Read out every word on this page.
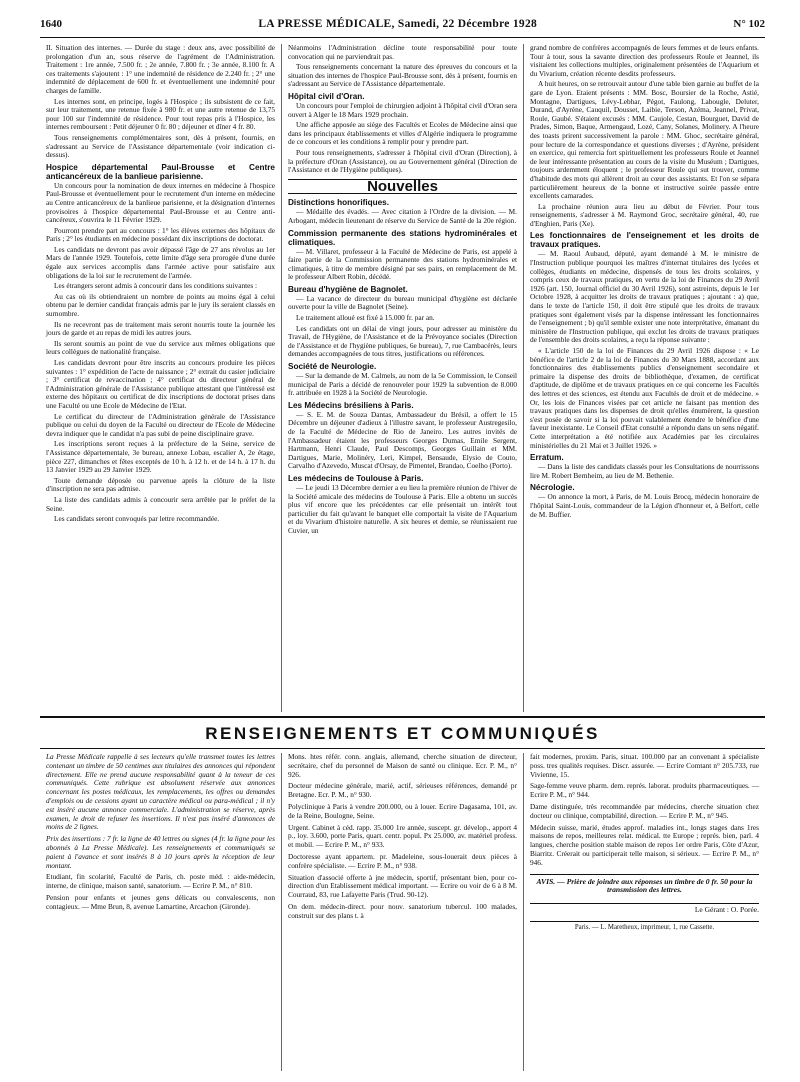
1640	LA PRESSE MÉDICALE, Samedi, 22 Décembre 1928	N° 102

II. Situation des internes. — Durée du stage : deux ans, avec possibilité de prolongation d'un an, sous réserve de l'agrément de l'Administration. Traitement : 1re année, 7.500 fr. ; 2e année, 7.800 fr. ; 3e année, 8.100 fr. A ces traitements s'ajoutent : 1° une indemnité de résidence de 2.240 fr. ; 2° une indemnité de déplacement de 600 fr. et éventuellement une indemnité pour charges de famille.

Les internes sont, en principe, logés à l'Hospice ; ils subsistent de ce fait, sur leur traitement, une retenue fixée à 980 fr. et une autre retenue de 13,75 pour 100 sur l'indemnité de résidence. Pour tout repas pris à l'Hospice, les internes remboursent : Petit déjeuner 0 fr. 80 ; déjeuner et dîner 4 fr. 80.

Tous renseignements complémentaires sont, dès à présent, fournis, en s'adressant au Service de l'Assistance départementale (voir indication ci-dessus).

Hospice départemental Paul-Brousse et Centre anticancéreux de la banlieue parisienne.

Un concours pour la nomination de deux internes en médecine à l'hospice Paul-Brousse et éventuellement pour le recrutement d'un interne en médecine au Centre anticancéreux de la banlieue parisienne, et la désignation d'internes provisoires à l'hospice départemental Paul-Brousse et au Centre anti-cancéreux, s'ouvrira le 11 Février 1929.

Pourront prendre part au concours : 1° les élèves externes des hôpitaux de Paris ; 2° les étudiants en médecine possédant dix inscriptions de doctorat.

Les candidats ne devront pas avoir dépassé l'âge de 27 ans révolus au 1er Mars de l'année 1929. Toutefois, cette limite d'âge sera prorogée d'une durée égale aux services accomplis dans l'armée active pour satisfaire aux obligations de la loi sur le recrutement de l'armée.

Les étrangers seront admis à concourir dans les conditions suivantes :

Au cas où ils obtiendraient un nombre de points au moins égal à celui obtenu par le dernier candidat français admis par le jury ils seraient classés en surnombre.

Ils ne recevront pas de traitement mais seront nourris toute la journée les jours de garde et au repas de midi les autres jours.

Ils seront soumis au point de vue du service aux mêmes obligations que leurs collègues de nationalité française.

Les candidats devront pour être inscrits au concours produire les pièces suivantes : 1° expédition de l'acte de naissance ; 2° extrait du casier judiciaire ; 3° certificat de revaccination ; 4° certificat du directeur général de l'Administration générale de l'Assistance publique attestant que l'intéressé est externe des hôpitaux ou certificat de dix inscriptions de doctorat prises dans une Faculté ou une Ecole de Médecine de l'Etat.

Le certificat du directeur de l'Administration générale de l'Assistance publique ou celui du doyen de la Faculté ou directeur de l'Ecole de Médecine devra indiquer que le candidat n'a pas subi de peine disciplinaire grave.

Les inscriptions seront reçues à la préfecture de la Seine, service de l'Assistance départementale, 3e bureau, annexe Lobau, escalier A, 2e étage, pièce 227, dimanches et fêtes exceptés de 10 h. à 12 h. et de 14 h. à 17 h. du 13 Janvier 1929 au 29 Janvier 1929.

Toute demande déposée ou parvenue après la clôture de la liste d'inscription ne sera pas admise.

La liste des candidats admis à concourir sera arrêtée par le préfet de la Seine.

Les candidats seront convoqués par lettre recommandée.

Néanmoins l'Administration décline toute responsabilité pour toute convocation qui ne parviendrait pas.

Tous renseignements concernant la nature des épreuves du concours et la situation des internes de l'hospice Paul-Brousse sont, dès à présent, fournis en s'adressant au Service de l'Assistance départementale.

Hôpital civil d'Oran.

Un concours pour l'emploi de chirurgien adjoint à l'hôpital civil d'Oran sera ouvert à Alger le 18 Mars 1929 prochain.

Une affiche apposée au siège des Facultés et Ecoles de Médecine ainsi que dans les principaux établissements et villes d'Algérie indiquera le programme de ce concours et les conditions à remplir pour y prendre part.

Pour tous renseignements, s'adresser à l'hôpital civil d'Oran (Direction), à la préfecture d'Oran (Assistance), ou au Gouvernement général (Direction de l'Assistance et de l'Hygiène publiques).

Nouvelles
Distinctions honorifiques.

— Médaille des évadés. — Avec citation à l'Ordre de la division. — M. Arbogant, médecin lieutenant de réserve du Service de Santé de la 20e région.

Commission permanente des stations hydrominérales et climatiques.

— M. Villaret, professeur à la Faculté de Médecine de Paris, est appelé à faire partie de la Commission permanente des stations hydrominérales et climatiques, à titre de membre désigné par ses pairs, en remplacement de M. le professeur Albert Robin, décédé.

Bureau d'hygiène de Bagnolet.

— La vacance de directeur du bureau municipal d'hygiène est déclarée ouverte pour la ville de Bagnolet (Seine).

Le traitement alloué est fixé à 15.000 fr. par an.

Les candidats ont un délai de vingt jours, pour adresser au ministère du Travail, de l'Hygiène, de l'Assistance et de la Prévoyance sociales (Direction de l'Assistance et de l'hygiène publiques, 6e bureau), 7, rue Cambacérès, leurs demandes accompagnées de tous titres, justifications ou références.

Société de Neurologie.

— Sur la demande de M. Calmels, au nom de la 5e Commission, le Conseil municipal de Paris a décidé de renouveler pour 1929 la subvention de 8.000 fr. attribuée en 1928 à la Société de Neurologie.

Les Médecins brésiliens à Paris.

— S. E. M. de Souza Dantas, Ambassadeur du Brésil, a offert le 15 Décembre un déjeuner d'adieux à l'illustre savant, le professeur Austregesilo, de la Faculté de Médecine de Rio de Janeiro. Les autres invités de l'Ambassadeur étaient les professeurs Georges Dumas, Emile Sergent, Hartmann, Henri Claude, Paul Descomps, Georges Guillain et MM. Dartigues, Marie, Molinéry, Leri, Kimpel, Bensaude, Elysio de Couto, Carvalho d'Azevedo, Muscat d'Orsay, de Pimentel, Brandao, Coelho (Porto).

Les médecins de Toulouse à Paris.

— Le jeudi 13 Décembre dernier a eu lieu la première réunion de l'hiver de la Société amicale des médecins de Toulouse à Paris. Elle a obtenu un succès plus vif encore que les précédentes car elle présentait un intérêt tout particulier du fait qu'avant le banquet elle comportait la visite de l'Aquarium et du Vivarium d'histoire naturelle. A six heures et demie, se réunissaient rue Cuvier, un

grand nombre de confrères accompagnés de leurs femmes et de leurs enfants. Tour à tour, sous la savante direction des professeurs Roule et Jeannel, ils visitaient les collections multiples, originalement présentées de l'Aquarium et du Vivarium, création récente desdits professeurs.

A huit heures, on se retrouvait autour d'une table bien garnie au buffet de la gare de Lyon. Etaient présents : MM. Bosc, Boursier de la Roche, Astié, Montagne, Dartigues, Lévy-Lebhar, Pégot, Faulong, Labougle, Deluter, Durand, d'Ayrène, Cauquil, Dousset, Laibie, Terson, Azéma, Jeannel, Privat, Roule, Gaubé. S'étaient excusés : MM. Caujole, Cestan, Bourguet, David de Prades, Simon, Baque, Armengaud, Lozé, Cany, Solanes, Molinery. A l'heure des toasts prirent successivement la parole : MM. Ghoc, secrétaire général, pour lecture de la correspondance et questions diverses ; d'Ayrène, président en exercice, qui remercia fort spirituellement les professeurs Roule et Jeannel de leur intéressante présentation au cours de la visite du Muséum ; Dartigues, toujours ardemment éloquent ; le professeur Roule qui sut trouver, comme d'habitude des mots qui allèrent droit au cœur des assistants. Et l'on se sépara particulièrement heureux de la bonne et instructive soirée passée entre excellents camarades.

La prochaine réunion aura lieu au début de Février. Pour tous renseignements, s'adresser à M. Raymond Groc, secrétaire général, 40, rue d'Enghien, Paris (Xe).

Les fonctionnaires de l'enseignement et les droits de travaux pratiques.

— M. Raoul Aubaud, député, ayant demandé à M. le ministre de l'Instruction publique pourquoi les maîtres d'internat titulaires des lycées et collèges, étudiants en médecine, dispensés de tous les droits scolaires, y compris ceux de travaux pratiques, en vertu de la loi de Finances du 29 Avril 1926 (art. 150, Journal officiel du 30 Avril 1926), sont astreints, depuis le 1er Octobre 1928, à acquitter les droits de travaux pratiques ; ajoutant : a) que, dans le texte de l'article 150, il doit être stipulé que les droits de travaux pratiques sont également visés par la dispense intéressant les fonctionnaires de l'enseignement ; b) qu'il semble exister une note interprétative, émanant du ministère de l'Instruction publique, qui exclut les droits de travaux pratiques de l'ensemble des droits scolaires, a reçu la réponse suivante :

« L'article 150 de la loi de Finances du 29 Avril 1926 dispose : « Le bénéfice de l'article 2 de la loi de Finances du 30 Mars 1888, accordant aux fonctionnaires des établissements publics d'enseignement secondaire et primaire la dispense des droits de bibliothèque, d'examen, de certificat d'aptitude, de diplôme et de travaux pratiques en ce qui concerne les Facultés des lettres et des sciences, est étendu aux Facultés de droit et de médecine. » Or, les lois de Finances visées par cet article ne faisant pas mention des travaux pratiques dans les dispenses de droit qu'elles énumèrent, la question s'est posée de savoir si la loi pouvait valablement étendre le bénéfice d'une faveur inexistante. Le Conseil d'Etat consulté a répondu dans un sens négatif. Cette interprétation a été notifiée aux Académies par les circulaires ministérielles du 21 Mai et 3 Juillet 1926. »

Erratum.

— Dans la liste des candidats classés pour les Consultations de nourrissons lire M. Robert Bernheim, au lieu de M. Bethenie.

Nécrologie.

— On annonce la mort, à Paris, de M. Louis Brocq, médecin honoraire de l'hôpital Saint-Louis, commandeur de la Légion d'honneur et, à Belfort, celle de M. Buffier.

RENSEIGNEMENTS ET COMMUNIQUÉS

La Presse Médicale rappelle à ses lecteurs qu'elle transmet toutes les lettres contenant un timbre de 50 centimes aux titulaires des annonces qui répondent directement. Elle ne prend aucune responsabilité quant à la teneur de ces communiqués. Cette rubrique est absolument réservée aux annonces concernant les postes médicaux, les remplacements, les offres ou demandes d'emplois ou de cessions ayant un caractère médical ou para-médical ; il n'y est inséré aucune annonce commerciale. L'administration se réserve, après examen, le droit de refuser les insertions. Il n'est pas inséré d'annonces de moins de 2 lignes.

Prix des insertions : 7 fr. la ligne de 40 lettres ou signes (4 fr. la ligne pour les abonnés à La Presse Médicale). Les renseignements et communiqués se paient à l'avance et sont insérés 8 à 10 jours après la réception de leur montant.

Etudiant, fin scolarité, Faculté de Paris, ch. poste méd. : aide-médecin, interne, de clinique, maison santé, sanatorium. — Ecrire P. M., n° 810.

Pension pour enfants et jeunes gens délicats ou convalescents, non contagieux. — Mme Brun, 8, avenue Lamartine, Arcachon (Gironde).

Mons. htes référ. conn. anglais, allemand, cherche situation de directeur, secrétaire, chef du personnel de Maison de santé ou clinique. Ecr. P. M., n° 926.

Docteur médecine générale, marié, actif, sérieuses références, demandé pr Bretagne. Ecr. P. M., n° 930.

Polyclinique à Paris à vendre 200.000, ou à louer. Ecrire Dagasama, 101, av. de la Reine, Boulogne, Seine.

Urgent. Cabinet à céd. rapp. 35.000 1re année, suscept. gr. dévelop., apport 4 p., loy. 3.600, porte Paris, quart. centr. popul. Px 25.000, av. matériel profess. et mobil. — Ecrire P. M., n° 933.

Doctoresse ayant appartem. pr. Madeleine, sous-louerait deux pièces à confrère spécialiste. — Ecrire P. M., n° 938.

Situation d'associé offerte à jne médecin, sportif, présentant bien, pour co-direction d'un Etablissement médical important. — Ecrire ou voir de 6 à 8 M. Courraud, 83, rue Lafayette Paris (Trud. 90-12).

On dem. médecin-direct. pour nouv. sanatorium tubercul. 100 malades, construit sur des plans t. à

fait modernes, proxim. Paris, situat. 100.000 par an convenant à spécialiste poss. tres qualités requises. Discr. assurée. — Ecrire Comtant n° 205.733, rue Vivienne, 15.

Sage-femme veuve pharm. dem. représ. laborat. produits pharmaceutiques. — Ecrire P. M., n° 944.

Dame distinguée, très recommandée par médecins, cherche situation chez docteur ou clinique, comptabilité, direction. — Ecrire P. M., n° 945.

Médecin suisse, marié, études approf. maladies int., longs stages dans 1res maisons de repos, meilleures relat. médical. tte Europe ; représ. bien, parl. 4 langues, cherche position stable maison de repos 1er ordre Paris, Côte d'Azur, Biarritz. Créerait ou participerait telle maison, si sérieux. — Ecrire P. M., n° 946.

AVIS. — Prière de joindre aux réponses un timbre de 0 fr. 50 pour la transmission des lettres.
Le Gérant : O. Porée.
Paris. — L. Maretheux, imprimeur, 1, rue Cassette.
